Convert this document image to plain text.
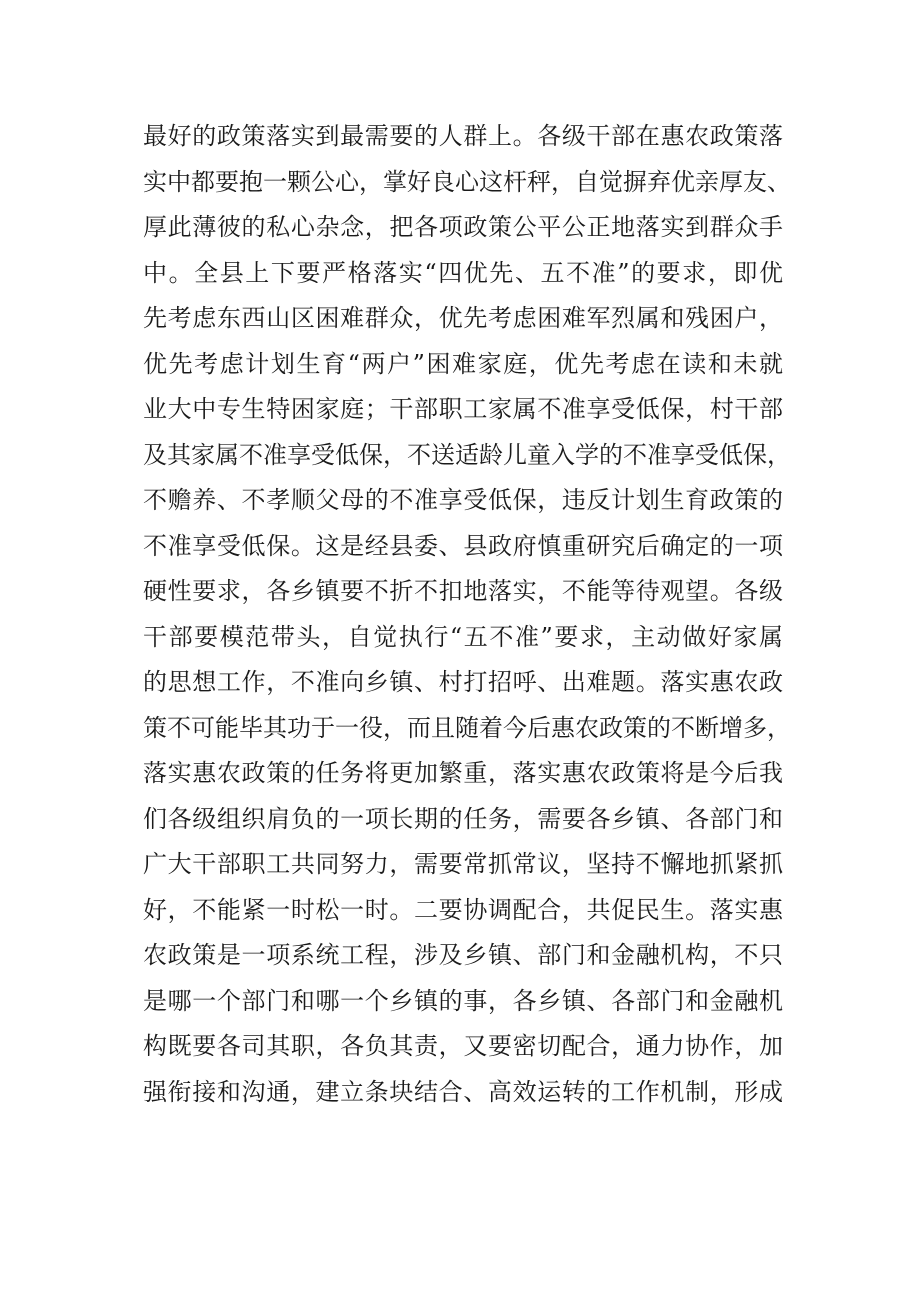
最好的政策落实到最需要的人群上。各级干部在惠农政策落
实中都要抱一颗公心，掌好良心这杆秤，自觉摒弃优亲厚友、
厚此薄彼的私心杂念，把各项政策公平公正地落实到群众手
中。全县上下要严格落实“四优先、五不准”的要求，即优
先考虑东西山区困难群众，优先考虑困难军烈属和残困户，
优先考虑计划生育“两户”困难家庭，优先考虑在读和未就
业大中专生特困家庭；干部职工家属不准享受低保，村干部
及其家属不准享受低保，不送适龄儿童入学的不准享受低保，
不赡养、不孝顺父母的不准享受低保，违反计划生育政策的
不准享受低保。这是经县委、县政府慎重研究后确定的一项
硬性要求，各乡镇要不折不扣地落实，不能等待观望。各级
干部要模范带头，自觉执行“五不准”要求，主动做好家属
的思想工作，不准向乡镇、村打招呼、出难题。落实惠农政
策不可能毕其功于一役，而且随着今后惠农政策的不断增多，
落实惠农政策的任务将更加繁重，落实惠农政策将是今后我
们各级组织肩负的一项长期的任务，需要各乡镇、各部门和
广大干部职工共同努力，需要常抓常议，坚持不懈地抓紧抓
好，不能紧一时松一时。二要协调配合，共促民生。落实惠
农政策是一项系统工程，涉及乡镇、部门和金融机构，不只
是哪一个部门和哪一个乡镇的事，各乡镇、各部门和金融机
构既要各司其职，各负其责，又要密切配合，通力协作，加
强衔接和沟通，建立条块结合、高效运转的工作机制，形成
